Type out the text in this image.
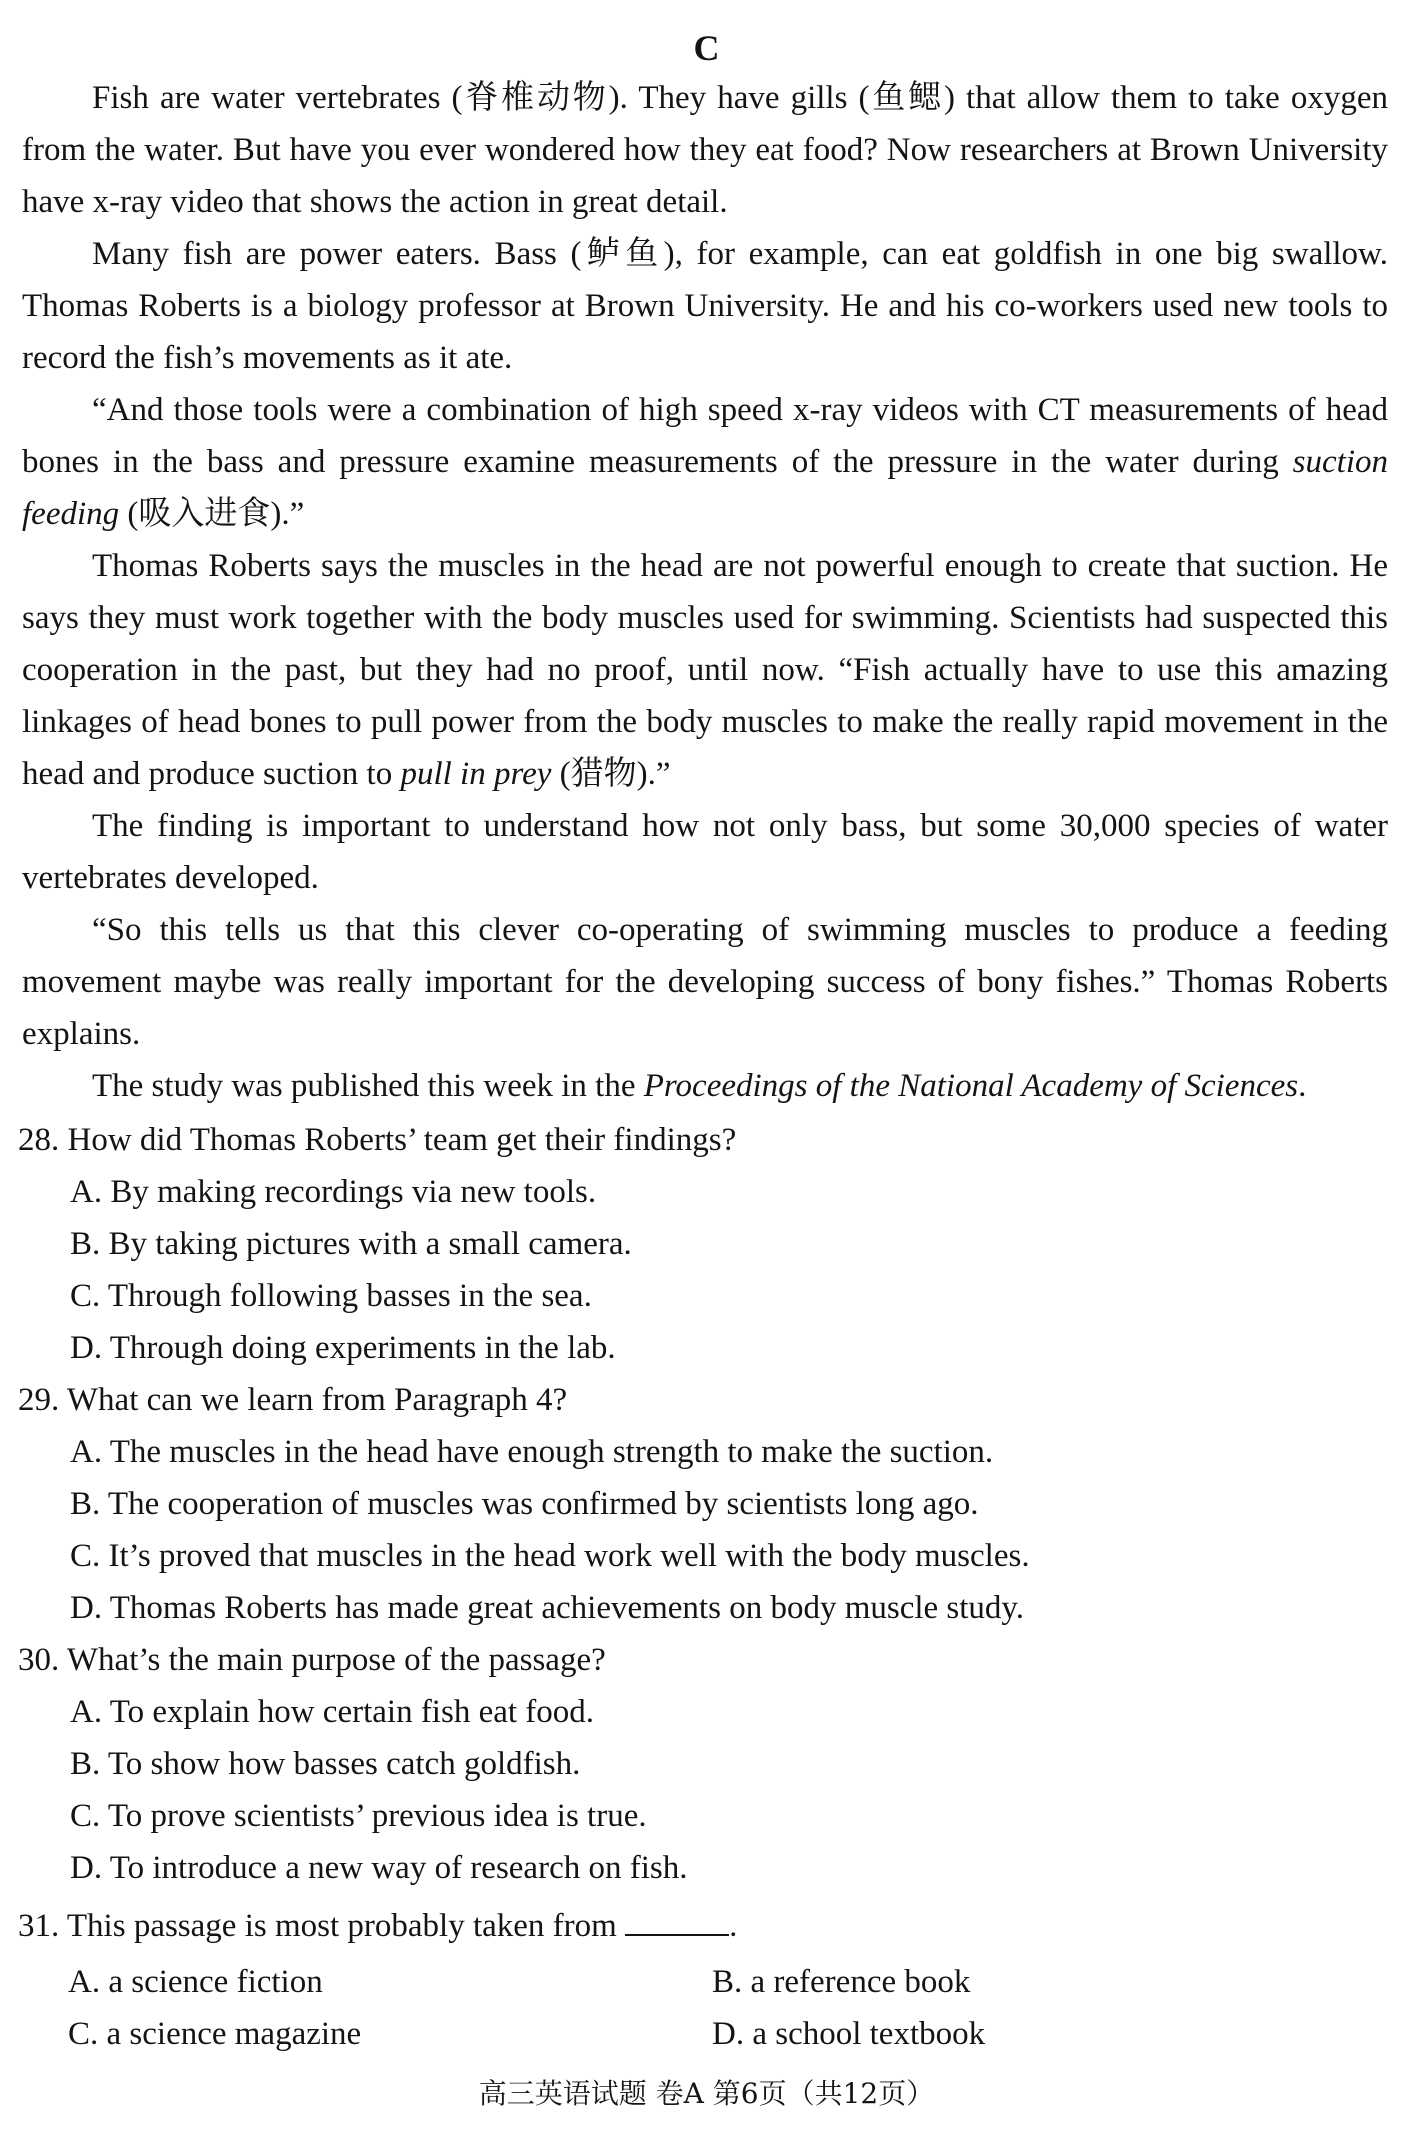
C

Fish are water vertebrates (脊椎动物). They have gills (鱼鳃) that allow them to take oxygen from the water. But have you ever wondered how they eat food? Now researchers at Brown University have x-ray video that shows the action in great detail.

Many fish are power eaters. Bass (鲈鱼), for example, can eat goldfish in one big swallow. Thomas Roberts is a biology professor at Brown University. He and his co-workers used new tools to record the fish’s movements as it ate.

“And those tools were a combination of high speed x-ray videos with CT measurements of head bones in the bass and pressure examine measurements of the pressure in the water during suction feeding (吸入进食).”

Thomas Roberts says the muscles in the head are not powerful enough to create that suction. He says they must work together with the body muscles used for swimming. Scientists had suspected this cooperation in the past, but they had no proof, until now. “Fish actually have to use this amazing linkages of head bones to pull power from the body muscles to make the really rapid movement in the head and produce suction to pull in prey (猎物).”

The finding is important to understand how not only bass, but some 30,000 species of water vertebrates developed.

“So this tells us that this clever co-operating of swimming muscles to produce a feeding movement maybe was really important for the developing success of bony fishes.” Thomas Roberts explains.

The study was published this week in the Proceedings of the National Academy of Sciences.

28. How did Thomas Roberts’ team get their findings?

A. By making recordings via new tools.

B. By taking pictures with a small camera.

C. Through following basses in the sea.

D. Through doing experiments in the lab.

29. What can we learn from Paragraph 4?

A. The muscles in the head have enough strength to make the suction.

B. The cooperation of muscles was confirmed by scientists long ago.

C. It’s proved that muscles in the head work well with the body muscles.

D. Thomas Roberts has made great achievements on body muscle study.

30. What’s the main purpose of the passage?

A. To explain how certain fish eat food.

B. To show how basses catch goldfish.

C. To prove scientists’ previous idea is true.

D. To introduce a new way of research on fish.

31. This passage is most probably taken from	.

A. a science fiction	B. a reference book

C. a science magazine	D. a school textbook

高三英语试题 卷A 第6页（共12页）
